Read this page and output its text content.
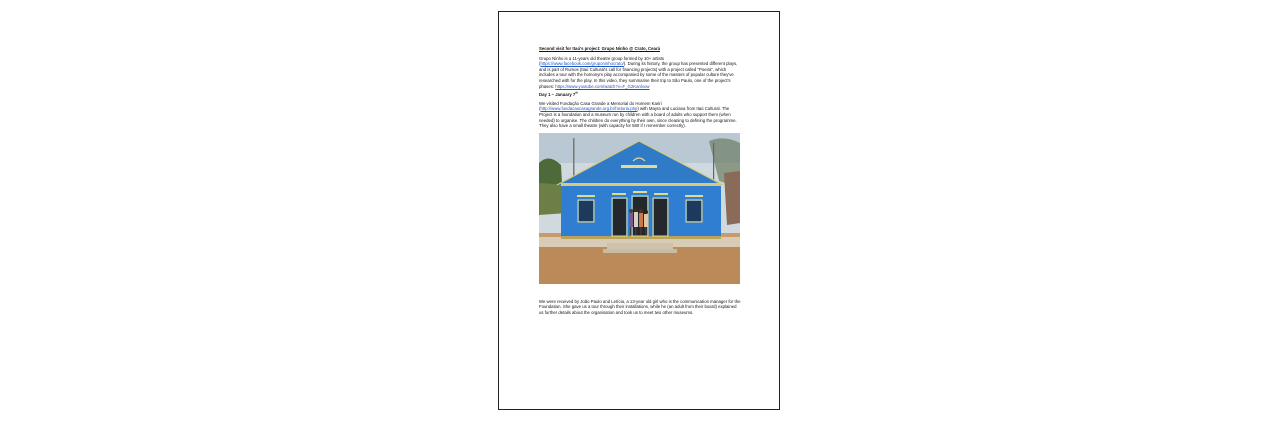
Second visit for Itaú's project: Grupo Ninho @ Crato, Ceará

Grupo Ninho is a 11-years old theatre group formed by 10+ artists (https://www.facebook.com/gruponinhocrato/). During its history, the group has presented different plays, and is part of Rumos (Itaú Cultural's call for financing projects) with a project called "Poeira", which includes a tour with the homonym play accompanied by some of the masters of popular culture they've researched with for the play. In this video, they summarise their trip to São Paulo, one of the project's phases: https://www.youtube.com/watch?v=F_G2Kanlvow

Day 1 – January 7th

We visited Fundação Casa Grande a Memorial do Homem Kariri (http://www.fundacaocasagrande.org.br/historia.php) with Mayra and Luciana from Itaú Cultural. The Project is a foundation and a museum run by children with a board of adults who support them (when needed) to organise. The children do everything by their own, since cleaning to defining the programme. They also have a small theatre (with capacity for 580 if I remember correctly).

We were received by João Paulo and Letícia, a 13-year old girl who is the communication manager for the Foundation. She gave us a tour through their installations, while he (an adult from their board) explained us further details about the organisation and took us to meet two other museums.
